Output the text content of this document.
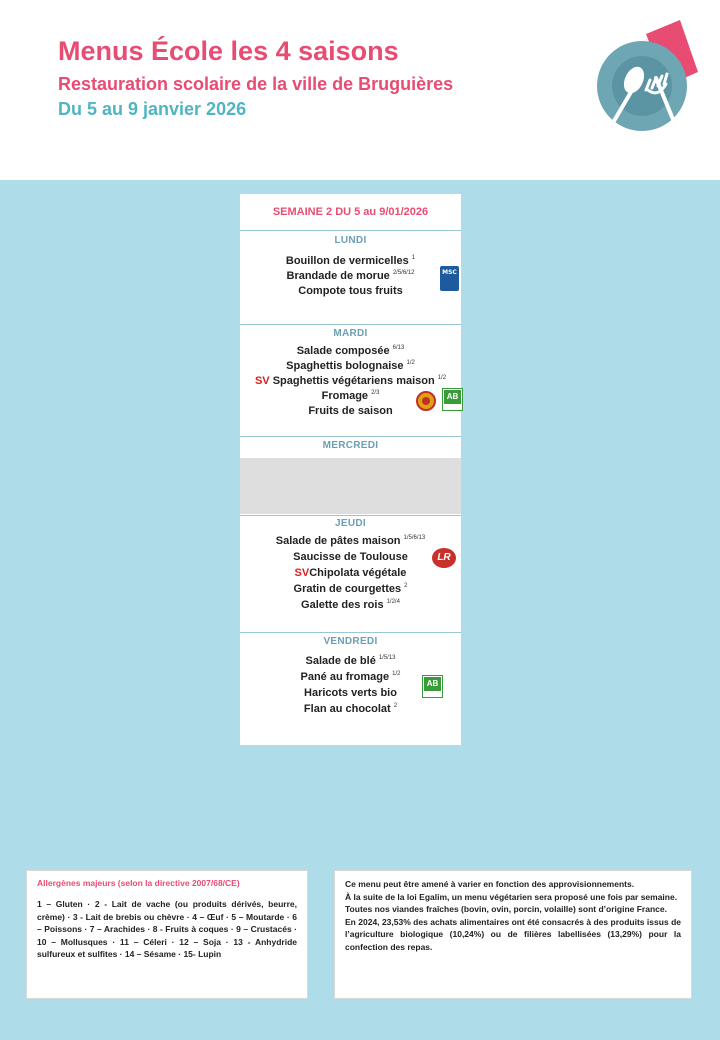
Menus École les 4 saisons
Restauration scolaire de la ville de Bruguières
Du 5 au 9 janvier 2026
SEMAINE 2 DU 5 au 9/01/2026
LUNDI
Bouillon de vermicelles $^1$
Brandade de morue $^{2/5/6/12}$
Compote tous fruits
MSC
MARDI
Salade composée $^{6/13}$
Spaghettis bolognaise $^{1/2}$
SV Spaghettis végétariens maison $^{1/2}$
Fromage $^{2/3}$
Fruits de saison
AB
MERCREDI
JEUDI
Salade de pâtes maison $^{1/5/6/13}$
Saucisse de Toulouse
SVChipolata végétale
Gratin de courgettes $^2$
Galette des rois $^{1/2/4}$
LR
VENDREDI
Salade de blé $^{1/5/13}$
Pané au fromage $^{1/2}$
Haricots verts bio
Flan au chocolat $^2$
AB

Allergènes majeurs (selon la directive 2007/68/CE)

1 – Gluten · 2 - Lait de vache (ou produits dérivés, beurre, crème) · 3 - Lait de brebis ou chèvre · 4 – Œuf · 5 – Moutarde · 6 – Poissons · 7 – Arachides · 8 - Fruits à coques · 9 – Crustacés · 10 – Mollusques · 11 – Céleri · 12 – Soja · 13 - Anhydride sulfureux et sulfites · 14 – Sésame · 15- Lupin

Ce menu peut être amené à varier en fonction des approvisionnements.

À la suite de la loi Egalim, un menu végétarien sera proposé une fois par semaine.

Toutes nos viandes fraîches (bovin, ovin, porcin, volaille) sont d’origine France.

En 2024, 23,53% des achats alimentaires ont été consacrés à des produits issus de l’agriculture biologique (10,24%) ou de filières labellisées (13,29%) pour la confection des repas.
